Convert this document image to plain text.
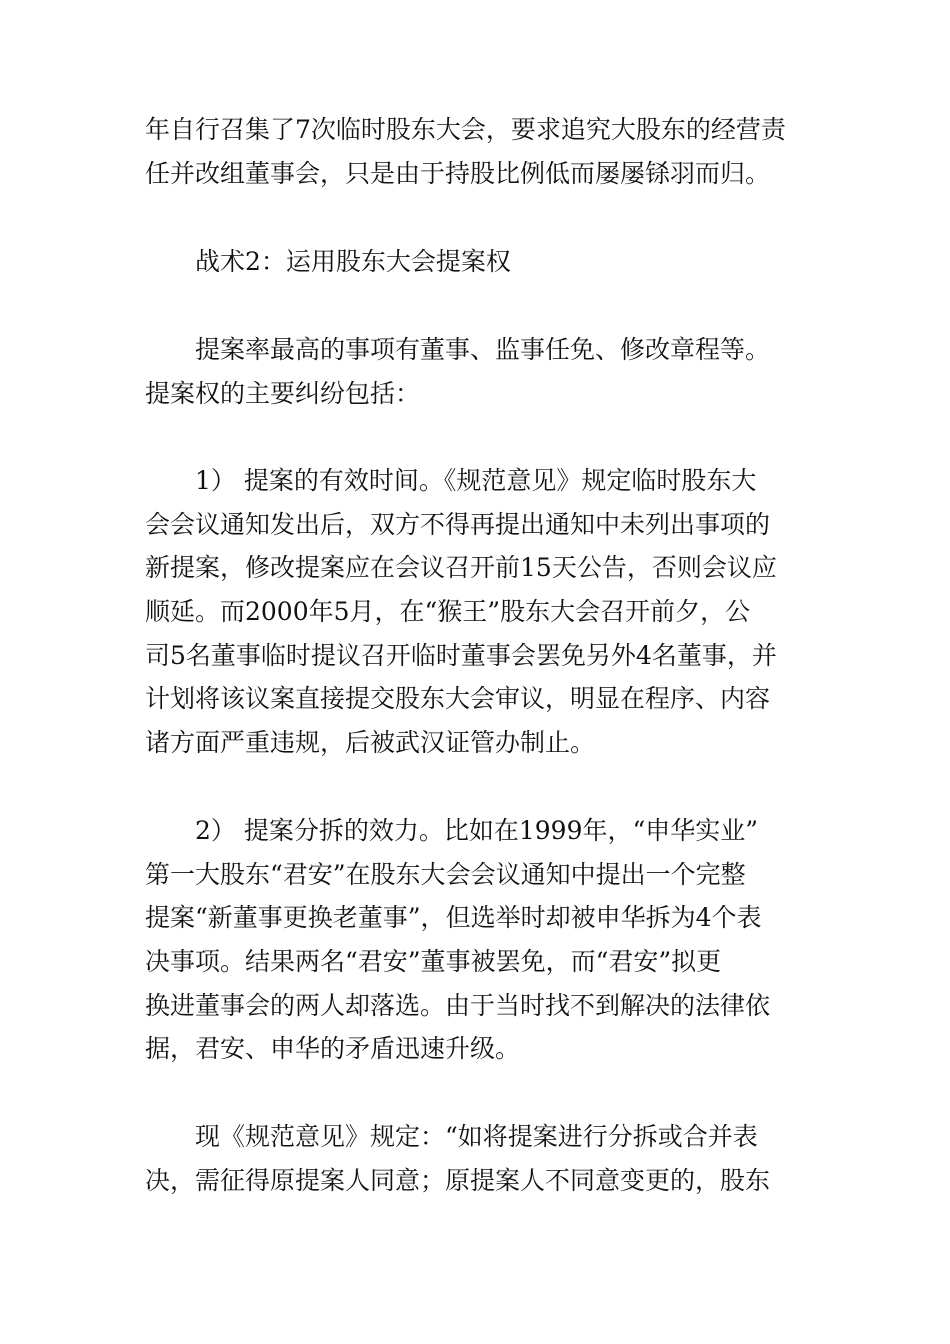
年自行召集了7次临时股东大会，要求追究大股东的经营责
任并改组董事会，只是由于持股比例低而屡屡铩羽而归。
战术2：运用股东大会提案权
提案率最高的事项有董事、监事任免、修改章程等。
提案权的主要纠纷包括：
1） 提案的有效时间。《规范意见》规定临时股东大
会会议通知发出后，双方不得再提出通知中未列出事项的
新提案，修改提案应在会议召开前15天公告，否则会议应
顺延。而2000年5月，在“猴王”股东大会召开前夕，公
司5名董事临时提议召开临时董事会罢免另外4名董事，并
计划将该议案直接提交股东大会审议，明显在程序、内容
诸方面严重违规，后被武汉证管办制止。
2） 提案分拆的效力。比如在1999年，“申华实业”
第一大股东“君安”在股东大会会议通知中提出一个完整
提案“新董事更换老董事”，但选举时却被申华拆为4个表
决事项。结果两名“君安”董事被罢免，而“君安”拟更
换进董事会的两人却落选。由于当时找不到解决的法律依
据，君安、申华的矛盾迅速升级。
现《规范意见》规定：“如将提案进行分拆或合并表
决，需征得原提案人同意；原提案人不同意变更的，股东
